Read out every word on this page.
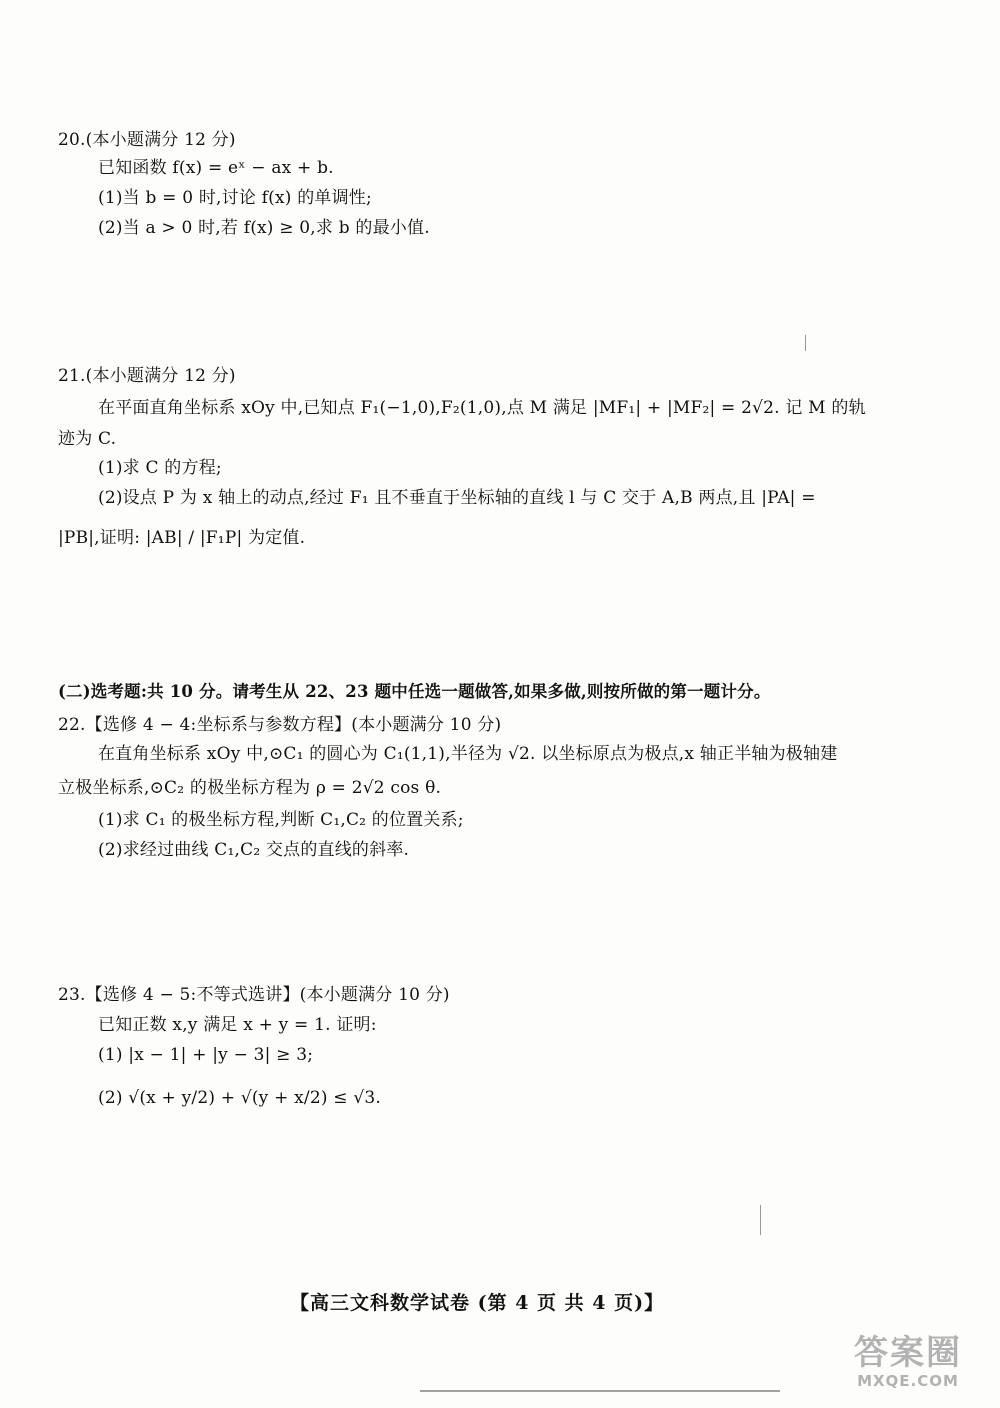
20.(本小题满分 12 分)
已知函数 f(x) = eˣ − ax + b.
(1)当 b = 0 时,讨论 f(x) 的单调性;
(2)当 a > 0 时,若 f(x) ≥ 0,求 b 的最小值.
21.(本小题满分 12 分)
在平面直角坐标系 xOy 中,已知点 F₁(−1,0),F₂(1,0),点 M 满足 |MF₁| + |MF₂| = 2√2. 记 M 的轨
迹为 C.
(1)求 C 的方程;
(2)设点 P 为 x 轴上的动点,经过 F₁ 且不垂直于坐标轴的直线 l 与 C 交于 A,B 两点,且 |PA| =
|PB|,证明: |AB| / |F₁P| 为定值.
(二)选考题:共 10 分。请考生从 22、23 题中任选一题做答,如果多做,则按所做的第一题计分。
22.【选修 4 − 4:坐标系与参数方程】(本小题满分 10 分)
在直角坐标系 xOy 中,⊙C₁ 的圆心为 C₁(1,1),半径为 √2. 以坐标原点为极点,x 轴正半轴为极轴建
立极坐标系,⊙C₂ 的极坐标方程为 ρ = 2√2 cos θ.
(1)求 C₁ 的极坐标方程,判断 C₁,C₂ 的位置关系;
(2)求经过曲线 C₁,C₂ 交点的直线的斜率.
23.【选修 4 − 5:不等式选讲】(本小题满分 10 分)
已知正数 x,y 满足 x + y = 1. 证明:
(1) |x − 1| + |y − 3| ≥ 3;
(2) √(x + y/2) + √(y + x/2) ≤ √3.
【高三文科数学试卷 (第 4 页 共 4 页)】
答案圈
MXQE.COM
